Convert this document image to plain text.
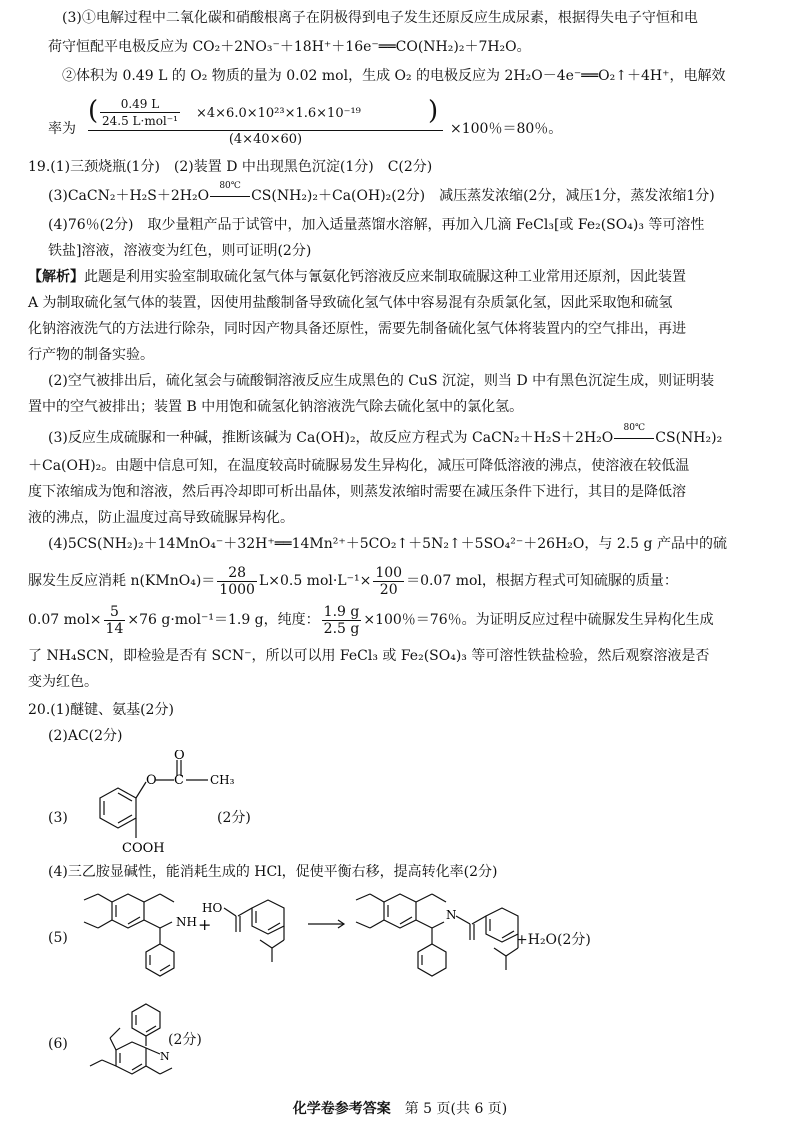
(3)①电解过程中二氧化碳和硝酸根离子在阴极得到电子发生还原反应生成尿素，根据得失电子守恒和电
荷守恒配平电极反应为 CO₂＋2NO₃⁻＋18H⁺＋16e⁻══CO(NH₂)₂＋7H₂O。
②体积为 0.49 L 的 O₂ 物质的量为 0.02 mol，生成 O₂ 的电极反应为 2H₂O－4e⁻══O₂↑＋4H⁺，电解效
率为
(	0.49 L
24.5 L·mol⁻¹ ×4×6.0×10²³×1.6×10⁻¹⁹	)
(4×40×60)
×100％＝80％。
19.(1)三颈烧瓶(1分)　(2)装置 D 中出现黑色沉淀(1分)　C(2分)
(3)CaCN₂＋H₂S＋2H₂O
80℃
CS(NH₂)₂＋Ca(OH)₂(2分)　减压蒸发浓缩(2分，减压1分，蒸发浓缩1分)
(4)76％(2分)　取少量粗产品于试管中，加入适量蒸馏水溶解，再加入几滴 FeCl₃[或 Fe₂(SO₄)₃ 等可溶性
铁盐]溶液，溶液变为红色，则可证明(2分)
【解析】此题是利用实验室制取硫化氢气体与氰氨化钙溶液反应来制取硫脲这种工业常用还原剂，因此装置
A 为制取硫化氢气体的装置，因使用盐酸制备导致硫化氢气体中容易混有杂质氯化氢，因此采取饱和硫氢
化钠溶液洗气的方法进行除杂，同时因产物具备还原性，需要先制备硫化氢气体将装置内的空气排出，再进
行产物的制备实验。
(2)空气被排出后，硫化氢会与硫酸铜溶液反应生成黑色的 CuS 沉淀，则当 D 中有黑色沉淀生成，则证明装
置中的空气被排出；装置 B 中用饱和硫氢化钠溶液洗气除去硫化氢中的氯化氢。
(3)反应生成硫脲和一种碱，推断该碱为 Ca(OH)₂，故反应方程式为 CaCN₂＋H₂S＋2H₂O
80℃
CS(NH₂)₂
＋Ca(OH)₂。由题中信息可知，在温度较高时硫脲易发生异构化，减压可降低溶液的沸点，使溶液在较低温
度下浓缩成为饱和溶液，然后再冷却即可析出晶体，则蒸发浓缩时需要在减压条件下进行，其目的是降低溶
液的沸点，防止温度过高导致硫脲异构化。
(4)5CS(NH₂)₂＋14MnO₄⁻＋32H⁺══14Mn²⁺＋5CO₂↑＋5N₂↑＋5SO₄²⁻＋26H₂O，与 2.5 g 产品中的硫
脲发生反应消耗 n(KMnO₄)＝ $\frac{28}{1000} L\times 0.5$ $mol\cdot L^{-1}\times \frac{100}{20} =0.07$ mol，根据方程式可知硫脲的质量：
0.07 $mol\times \frac{5}{14} \times 76$ g·mol⁻¹＝1.9 g，纯度： $\frac{1.9 g}{2.5 g} \times 100$％＝76％。为证明反应过程中硫脲发生异构化生成
了 NH₄SCN，即检验是否有 SCN⁻，所以可以用 FeCl₃ 或 Fe₂(SO₄)₃ 等可溶性铁盐检验，然后观察溶液是否
变为红色。
20.(1)醚键、氨基(2分)
(2)AC(2分)
(3)
O C
O
CH₃
COOH
(2分)
(4)三乙胺显碱性，能消耗生成的 HCl，促使平衡右移，提高转化率(2分)
(5)
NH +
HO	N
+H₂O(2分)
(6)
N
(2分)
化学卷参考答案　 第 5 页(共 6 页)
